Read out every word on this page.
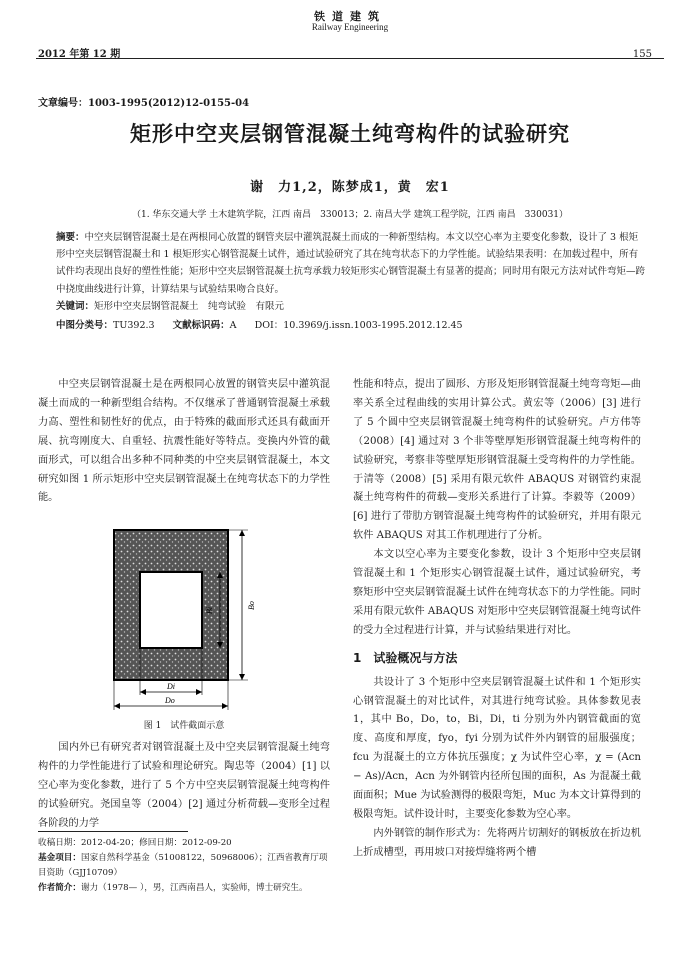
铁道建筑
Railway Engineering
2012 年第 12 期	155
文章编号：1003-1995(2012)12-0155-04
矩形中空夹层钢管混凝土纯弯构件的试验研究
谢　力1,2，陈梦成1，黄　宏1
（1. 华东交通大学 土木建筑学院，江西 南昌　330013；2. 南昌大学 建筑工程学院，江西 南昌　330031）

摘要：中空夹层钢管混凝土是在两根同心放置的钢管夹层中灌筑混凝土而成的一种新型结构。本文以空心率为主要变化参数，设计了 3 根矩形中空夹层钢管混凝土和 1 根矩形实心钢管混凝土试件，通过试验研究了其在纯弯状态下的力学性能。试验结果表明：在加载过程中，所有试件均表现出良好的塑性性能；矩形中空夹层钢管混凝土抗弯承载力较矩形实心钢管混凝土有显著的提高；同时用有限元方法对试件弯矩—跨中挠度曲线进行计算，计算结果与试验结果吻合良好。

关键词：矩形中空夹层钢管混凝土　纯弯试验　有限元

中图分类号：TU392.3 文献标识码：A DOI：10.3969/j.issn.1003-1995.2012.12.45

中空夹层钢管混凝土是在两根同心放置的钢管夹层中灌筑混凝土而成的一种新型组合结构。不仅继承了普通钢管混凝土承载力高、塑性和韧性好的优点，由于特殊的截面形式还具有截面开展、抗弯刚度大、自重轻、抗震性能好等特点。变换内外管的截面形式，可以组合出多种不同种类的中空夹层钢管混凝土，本文研究如图 1 所示矩形中空夹层钢管混凝土在纯弯状态下的力学性能。

Bi
Bo
Di
Do
图 1　试件截面示意

国内外已有研究者对钢管混凝土及中空夹层钢管混凝土纯弯构件的力学性能进行了试验和理论研究。陶忠等（2004）[1] 以空心率为变化参数，进行了 5 个方中空夹层钢管混凝土纯弯构件的试验研究。尧国皇等（2004）[2] 通过分析荷载—变形全过程各阶段的力学

收稿日期：2012-04-20；修回日期：2012-09-20

基金项目：国家自然科学基金（51008122，50968006）；江西省教育厅项目资助（GJJ10709）

作者简介：谢力（1978— ），男，江西南昌人，实验师，博士研究生。

性能和特点，提出了圆形、方形及矩形钢管混凝土纯弯弯矩—曲率关系全过程曲线的实用计算公式。黄宏等（2006）[3] 进行了 5 个圆中空夹层钢管混凝土纯弯构件的试验研究。卢方伟等（2008）[4] 通过对 3 个非等壁厚矩形钢管混凝土纯弯构件的试验研究，考察非等壁厚矩形钢管混凝土受弯构件的力学性能。于清等（2008）[5] 采用有限元软件 ABAQUS 对钢管约束混凝土纯弯构件的荷载—变形关系进行了计算。李毅等（2009）[6] 进行了带肋方钢管混凝土纯弯构件的试验研究，并用有限元软件 ABAQUS 对其工作机理进行了分析。

本文以空心率为主要变化参数，设计 3 个矩形中空夹层钢管混凝土和 1 个矩形实心钢管混凝土试件，通过试验研究，考察矩形中空夹层钢管混凝土试件在纯弯状态下的力学性能。同时采用有限元软件 ABAQUS 对矩形中空夹层钢管混凝土纯弯试件的受力全过程进行计算，并与试验结果进行对比。

1　试验概况与方法

共设计了 3 个矩形中空夹层钢管混凝土试件和 1 个矩形实心钢管混凝土的对比试件，对其进行纯弯试验。具体参数见表 1，其中 Bo，Do，to，Bi，Di，ti 分别为外内钢管截面的宽度、高度和厚度，fyo，fyi 分别为试件外内钢管的屈服强度；fcu 为混凝土的立方体抗压强度；χ 为试件空心率，χ = (Acn − As)/Acn，Acn 为外钢管内径所包围的面积，As 为混凝土截面面积；Mue 为试验测得的极限弯矩，Muc 为本文计算得到的极限弯矩。试件设计时，主要变化参数为空心率。

内外钢管的制作形式为：先将两片切割好的钢板放在折边机上折成槽型，再用坡口对接焊缝将两个槽
